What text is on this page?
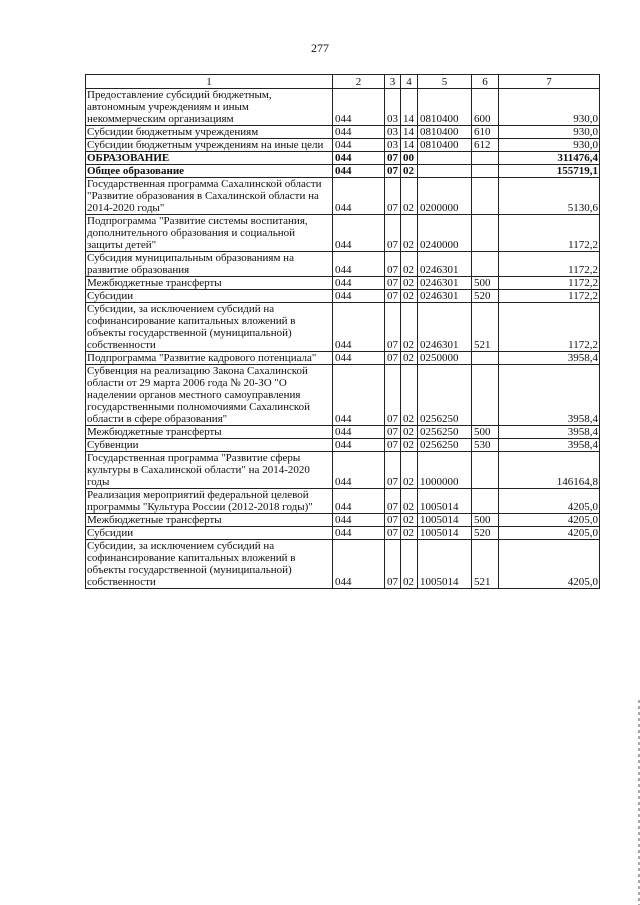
277
1	2	3	4	5	6	7
Предоставление субсидий бюджетным, автономным учреждениям и иным некоммерческим организациям	044	03	14	0810400	600	930,0
Субсидии бюджетным учреждениям	044	03	14	0810400	610	930,0
Субсидии бюджетным учреждениям на иные цели	044	03	14	0810400	612	930,0
ОБРАЗОВАНИЕ	044	07	00			311476,4
Общее образование	044	07	02			155719,1
Государственная программа Сахалинской области "Развитие образования в Сахалинской области на 2014-2020 годы"	044	07	02	0200000		5130,6
Подпрограмма "Развитие системы воспитания, дополнительного образования и социальной защиты детей"	044	07	02	0240000		1172,2
Субсидия муниципальным образованиям на развитие образования	044	07	02	0246301		1172,2
Межбюджетные трансферты	044	07	02	0246301	500	1172,2
Субсидии	044	07	02	0246301	520	1172,2
Субсидии, за исключением субсидий на софинансирование капитальных вложений в объекты государственной (муниципальной) собственности	044	07	02	0246301	521	1172,2
Подпрограмма "Развитие кадрового потенциала"	044	07	02	0250000		3958,4
Субвенция на реализацию Закона Сахалинской области от 29 марта 2006 года № 20-ЗО "О наделении органов местного самоуправления государственными полномочиями Сахалинской области в сфере образования"	044	07	02	0256250		3958,4
Межбюджетные трансферты	044	07	02	0256250	500	3958,4
Субвенции	044	07	02	0256250	530	3958,4
Государственная программа "Развитие сферы культуры в Сахалинской области" на 2014-2020 годы	044	07	02	1000000		146164,8
Реализация мероприятий федеральной целевой программы "Культура России (2012-2018 годы)"	044	07	02	1005014		4205,0
Межбюджетные трансферты	044	07	02	1005014	500	4205,0
Субсидии	044	07	02	1005014	520	4205,0
Субсидии, за исключением субсидий на софинансирование капитальных вложений в объекты государственной (муниципальной) собственности	044	07	02	1005014	521	4205,0
